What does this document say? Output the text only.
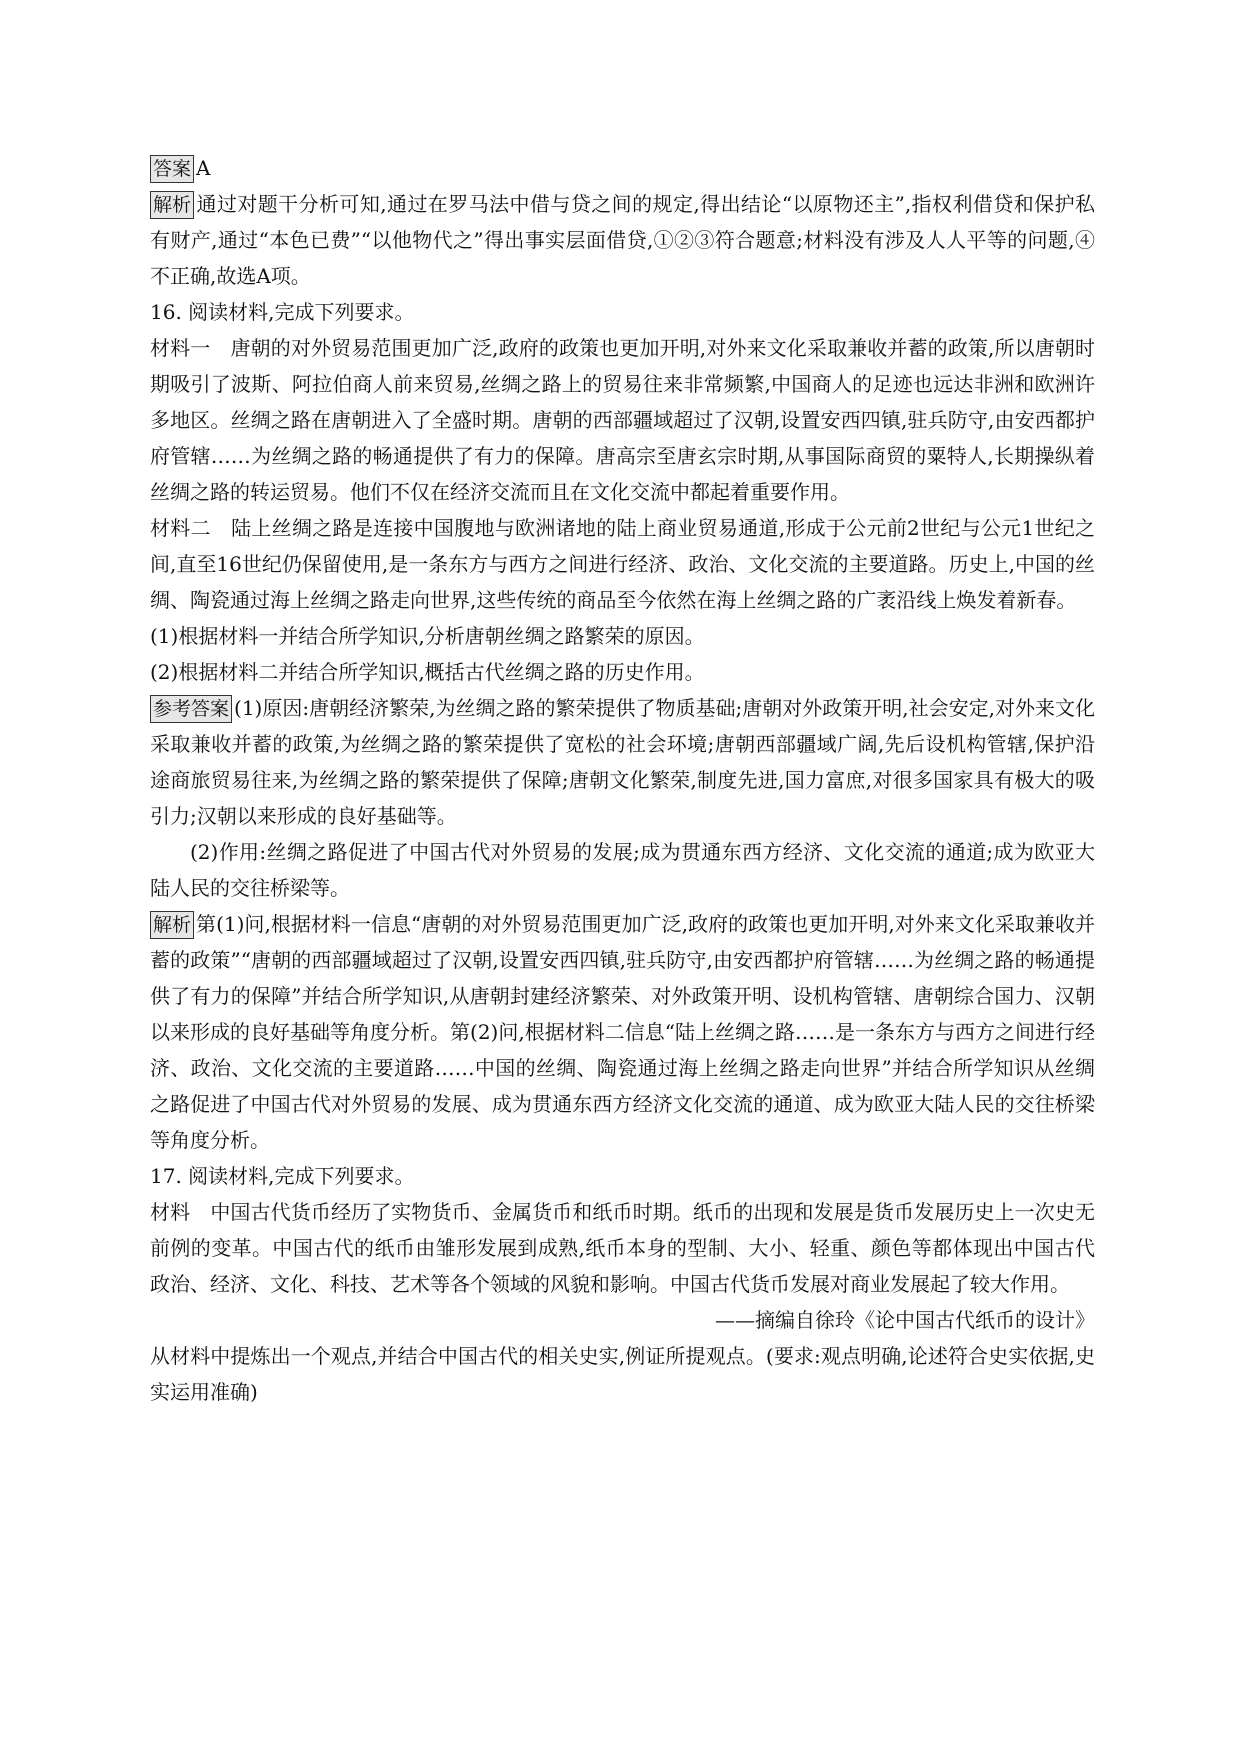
答案 A

解析 通过对题干分析可知,通过在罗马法中借与贷之间的规定,得出结论“以原物还主”,指权利借贷和保护私有财产,通过“本色已费”“以他物代之”得出事实层面借贷,①②③符合题意;材料没有涉及人人平等的问题,④不正确,故选A项。

16. 阅读材料,完成下列要求。

材料一　唐朝的对外贸易范围更加广泛,政府的政策也更加开明,对外来文化采取兼收并蓄的政策,所以唐朝时期吸引了波斯、阿拉伯商人前来贸易,丝绸之路上的贸易往来非常频繁,中国商人的足迹也远达非洲和欧洲许多地区。丝绸之路在唐朝进入了全盛时期。唐朝的西部疆域超过了汉朝,设置安西四镇,驻兵防守,由安西都护府管辖……为丝绸之路的畅通提供了有力的保障。唐高宗至唐玄宗时期,从事国际商贸的粟特人,长期操纵着丝绸之路的转运贸易。他们不仅在经济交流而且在文化交流中都起着重要作用。

材料二　陆上丝绸之路是连接中国腹地与欧洲诸地的陆上商业贸易通道,形成于公元前2世纪与公元1世纪之间,直至16世纪仍保留使用,是一条东方与西方之间进行经济、政治、文化交流的主要道路。历史上,中国的丝绸、陶瓷通过海上丝绸之路走向世界,这些传统的商品至今依然在海上丝绸之路的广袤沿线上焕发着新春。

(1)根据材料一并结合所学知识,分析唐朝丝绸之路繁荣的原因。

(2)根据材料二并结合所学知识,概括古代丝绸之路的历史作用。

参考答案 (1)原因:唐朝经济繁荣,为丝绸之路的繁荣提供了物质基础;唐朝对外政策开明,社会安定,对外来文化采取兼收并蓄的政策,为丝绸之路的繁荣提供了宽松的社会环境;唐朝西部疆域广阔,先后设机构管辖,保护沿途商旅贸易往来,为丝绸之路的繁荣提供了保障;唐朝文化繁荣,制度先进,国力富庶,对很多国家具有极大的吸引力;汉朝以来形成的良好基础等。

(2)作用:丝绸之路促进了中国古代对外贸易的发展;成为贯通东西方经济、文化交流的通道;成为欧亚大陆人民的交往桥梁等。

解析 第(1)问,根据材料一信息“唐朝的对外贸易范围更加广泛,政府的政策也更加开明,对外来文化采取兼收并蓄的政策”“唐朝的西部疆域超过了汉朝,设置安西四镇,驻兵防守,由安西都护府管辖……为丝绸之路的畅通提供了有力的保障”并结合所学知识,从唐朝封建经济繁荣、对外政策开明、设机构管辖、唐朝综合国力、汉朝以来形成的良好基础等角度分析。第(2)问,根据材料二信息“陆上丝绸之路……是一条东方与西方之间进行经济、政治、文化交流的主要道路……中国的丝绸、陶瓷通过海上丝绸之路走向世界”并结合所学知识从丝绸之路促进了中国古代对外贸易的发展、成为贯通东西方经济文化交流的通道、成为欧亚大陆人民的交往桥梁等角度分析。

17. 阅读材料,完成下列要求。

材料　中国古代货币经历了实物货币、金属货币和纸币时期。纸币的出现和发展是货币发展历史上一次史无前例的变革。中国古代的纸币由雏形发展到成熟,纸币本身的型制、大小、轻重、颜色等都体现出中国古代政治、经济、文化、科技、艺术等各个领域的风貌和影响。中国古代货币发展对商业发展起了较大作用。

——摘编自徐玲《论中国古代纸币的设计》

从材料中提炼出一个观点,并结合中国古代的相关史实,例证所提观点。(要求:观点明确,论述符合史实依据,史实运用准确)
